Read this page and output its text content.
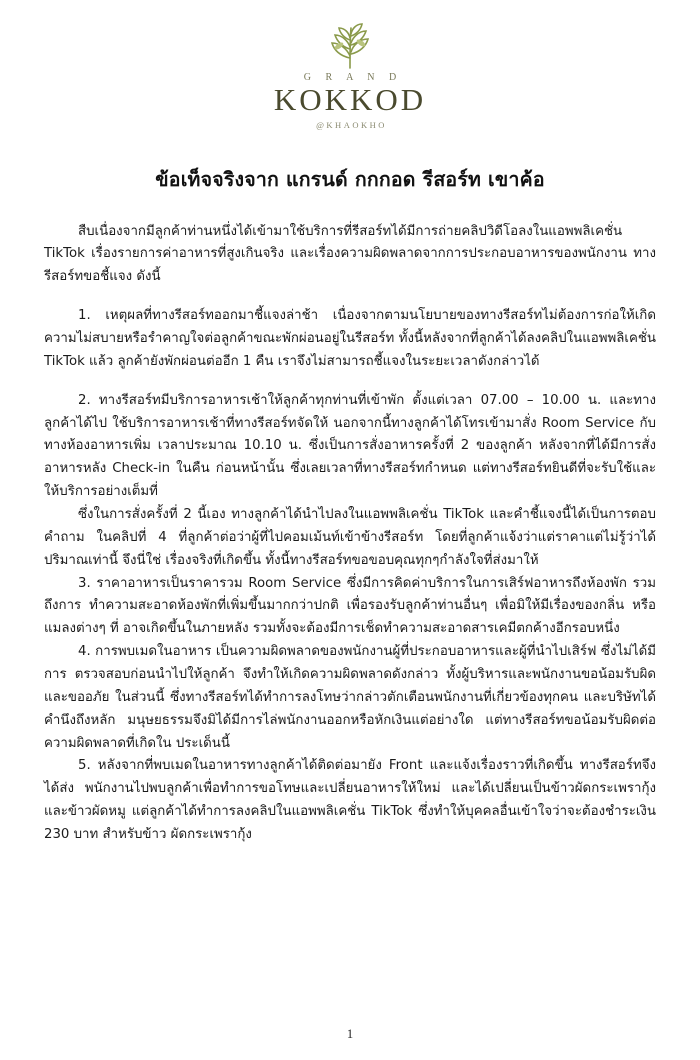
G R A N D
KOKKOD
@KHAOKHO
ข้อเท็จจริงจาก แกรนด์ กกกอด รีสอร์ท เขาค้อ

สืบเนื่องจากมีลูกค้าท่านหนึ่งได้เข้ามาใช้บริการที่รีสอร์ทได้มีการถ่ายคลิปวิดีโอลงในแอพพลิเคชั่น TikTok เรื่องรายการค่าอาหารที่สูงเกินจริง และเรื่องความผิดพลาดจากการประกอบอาหารของพนักงาน ทางรีสอร์ทขอชี้แจง ดังนี้

1. เหตุผลที่ทางรีสอร์ทออกมาชี้แจงล่าช้า เนื่องจากตามนโยบายของทางรีสอร์ทไม่ต้องการก่อให้เกิดความไม่สบายหรือรำคาญใจต่อลูกค้าขณะพักผ่อนอยู่ในรีสอร์ท ทั้งนี้หลังจากที่ลูกค้าได้ลงคลิปในแอพพลิเคชั่น TikTok แล้ว ลูกค้ายังพักผ่อนต่ออีก 1 คืน เราจึงไม่สามารถชี้แจงในระยะเวลาดังกล่าวได้

2. ทางรีสอร์ทมีบริการอาหารเช้าให้ลูกค้าทุกท่านที่เข้าพัก ตั้งแต่เวลา 07.00 – 10.00 น. และทางลูกค้าได้ไป ใช้บริการอาหารเช้าที่ทางรีสอร์ทจัดให้ นอกจากนี้ทางลูกค้าได้โทรเข้ามาสั่ง Room Service กับทางห้องอาหารเพิ่ม เวลาประมาณ 10.10 น. ซึ่งเป็นการสั่งอาหารครั้งที่ 2 ของลูกค้า หลังจากที่ได้มีการสั่งอาหารหลัง Check-in ในคืน ก่อนหน้านั้น ซึ่งเลยเวลาที่ทางรีสอร์ทกำหนด แต่ทางรีสอร์ทยินดีที่จะรับใช้และให้บริการอย่างเต็มที่

ซึ่งในการสั่งครั้งที่ 2 นี้เอง ทางลูกค้าได้นำไปลงในแอพพลิเคชั่น TikTok และคำชี้แจงนี้ได้เป็นการตอบคำถาม ในคลิปที่ 4 ที่ลูกค้าต่อว่าผู้ที่ไปคอมเม้นท์เข้าข้างรีสอร์ท โดยที่ลูกค้าแจ้งว่าแต่ราคาแต่ไม่รู้ว่าได้ปริมาณเท่านี้ จึงนี่ใช่ เรื่องจริงที่เกิดขึ้น ทั้งนี้ทางรีสอร์ทขอขอบคุณทุกๆกำลังใจที่ส่งมาให้

3. ราคาอาหารเป็นราคารวม Room Service ซึ่งมีการคิดค่าบริการในการเสิร์ฟอาหารถึงห้องพัก รวมถึงการ ทำความสะอาดห้องพักที่เพิ่มขึ้นมากกว่าปกติ เพื่อรองรับลูกค้าท่านอื่นๆ เพื่อมิให้มีเรื่องของกลิ่น หรือ แมลงต่างๆ ที่ อาจเกิดขึ้นในภายหลัง รวมทั้งจะต้องมีการเช็ดทำความสะอาดสารเคมีตกค้างอีกรอบหนึ่ง

4. การพบเมดในอาหาร เป็นความผิดพลาดของพนักงานผู้ที่ประกอบอาหารและผู้ที่นำไปเสิร์ฟ ซึ่งไม่ได้มีการ ตรวจสอบก่อนนำไปให้ลูกค้า จึงทำให้เกิดความผิดพลาดดังกล่าว ทั้งผู้บริหารและพนักงานขอน้อมรับผิดและขออภัย ในส่วนนี้ ซึ่งทางรีสอร์ทได้ทำการลงโทษว่ากล่าวตักเตือนพนักงานที่เกี่ยวข้องทุกคน และบริษัทได้คำนึงถึงหลัก มนุษยธรรมจึงมิได้มีการไล่พนักงานออกหรือหักเงินแต่อย่างใด แต่ทางรีสอร์ทขอน้อมรับผิดต่อความผิดพลาดที่เกิดใน ประเด็นนี้

5. หลังจากที่พบเมดในอาหารทางลูกค้าได้ติดต่อมายัง Front และแจ้งเรื่องราวที่เกิดขึ้น ทางรีสอร์ทจึงได้ส่ง พนักงานไปพบลูกค้าเพื่อทำการขอโทษและเปลี่ยนอาหารให้ใหม่ และได้เปลี่ยนเป็นข้าวผัดกระเพรากุ้งและข้าวผัดหมู แต่ลูกค้าได้ทำการลงคลิปในแอพพลิเคชั่น TikTok ซึ่งทำให้บุคคลอื่นเข้าใจว่าจะต้องชำระเงิน 230 บาท สำหรับข้าว ผัดกระเพรากุ้ง

1
